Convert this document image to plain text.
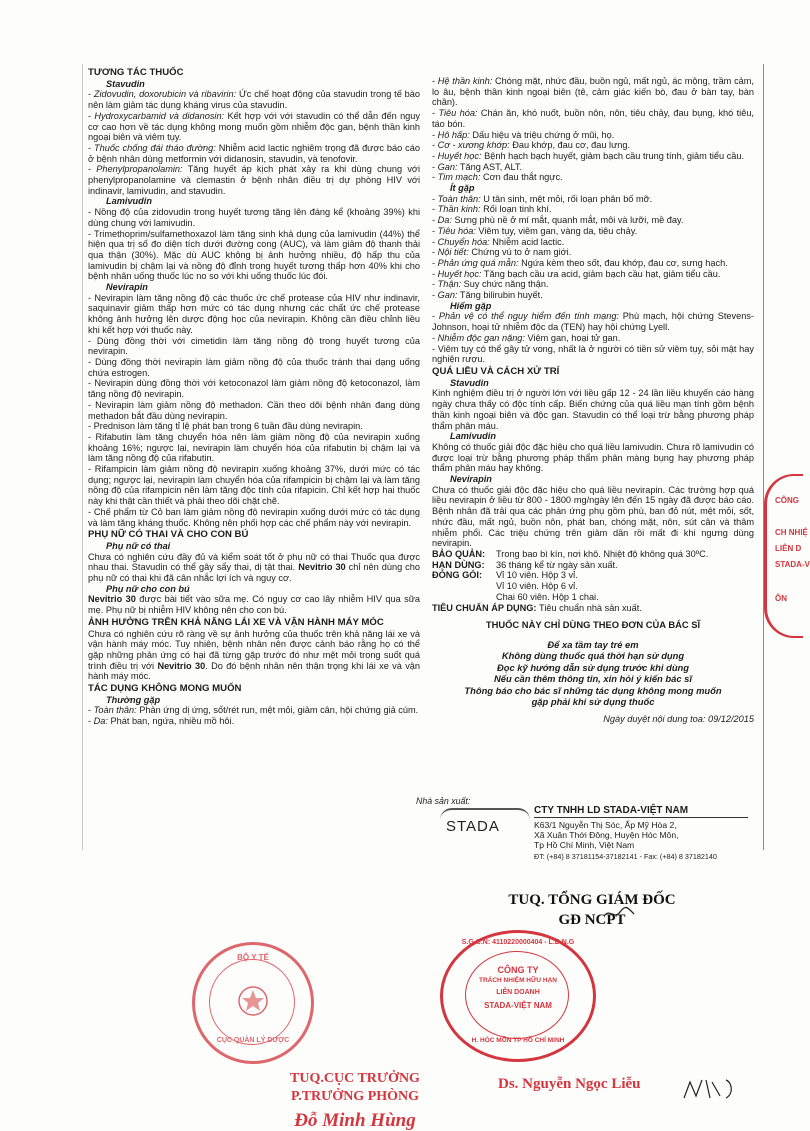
TƯƠNG TÁC THUỐC
Stavudin

- Zidovudin, doxorubicin và ribavirin: Ức chế hoạt động của stavudin trong tế bào nên làm giảm tác dụng kháng virus của stavudin.

- Hydroxycarbamid và didanosin: Kết hợp với với stavudin có thể dẫn đến nguy cơ cao hơn về tác dụng không mong muốn gồm nhiễm độc gan, bệnh thần kinh ngoại biên và viêm tụy.

- Thuốc chống đái tháo đường: Nhiễm acid lactic nghiêm trọng đã được báo cáo ở bệnh nhân dùng metformin với didanosin, stavudin, và tenofovir.

- Phenylpropanolamin: Tăng huyết áp kịch phát xảy ra khi dùng chung với phenylpropanolamine và clemastin ở bệnh nhân điều trị dự phòng HIV với indinavir, lamivudin, and stavudin.

Lamivudin

- Nồng độ của zidovudin trong huyết tương tăng lên đáng kể (khoảng 39%) khi dùng chung với lamivudin.

- Trimethoprim/sulfamethoxazol làm tăng sinh khả dụng của lamivudin (44%) thể hiện qua trị số đo diện tích dưới đường cong (AUC), và làm giảm độ thanh thải qua thận (30%). Mặc dù AUC không bị ảnh hưởng nhiều, độ hấp thu của lamivudin bị chậm lại và nồng độ đỉnh trong huyết tương thấp hơn 40% khi cho bệnh nhân uống thuốc lúc no so với khi uống thuốc lúc đói.

Nevirapin

- Nevirapin làm tăng nồng độ các thuốc ức chế protease của HIV như indinavir, saquinavir giảm thấp hơn mức có tác dụng nhưng các chất ức chế protease không ảnh hưởng lên dược động học của nevirapin. Không cần điều chỉnh liều khi kết hợp với thuốc này.

- Dùng đồng thời với cimetidin làm tăng nồng độ trong huyết tương của nevirapin.

- Dùng đồng thời nevirapin làm giảm nồng độ của thuốc tránh thai dạng uống chứa estrogen.

- Nevirapin dùng đồng thời với ketoconazol làm giảm nồng độ ketoconazol, làm tăng nồng độ nevirapin.

- Nevirapin làm giảm nồng độ methadon. Cần theo dõi bệnh nhân đang dùng methadon bắt đầu dùng nevirapin.

- Prednison làm tăng tỉ lệ phát ban trong 6 tuần đầu dùng nevirapin.

- Rifabutin làm tăng chuyển hóa nên làm giảm nồng độ của nevirapin xuống khoảng 16%; ngược lại, nevirapin làm chuyển hóa của rifabutin bị chậm lại và làm tăng nồng độ của rifabutin.

- Rifampicin làm giảm nồng độ nevirapin xuống khoảng 37%, dưới mức có tác dụng; ngược lại, nevirapin làm chuyển hóa của rifampicin bị chậm lại và làm tăng nồng độ của rifampicin nên làm tăng độc tính của rifapicin. Chỉ kết hợp hai thuốc này khi thật cần thiết và phải theo dõi chặt chẽ.

- Chế phẩm từ Cỏ ban làm giảm nồng độ nevirapin xuống dưới mức có tác dụng và làm tăng kháng thuốc. Không nên phối hợp các chế phẩm này với nevirapin.

PHỤ NỮ CÓ THAI VÀ CHO CON BÚ
Phụ nữ có thai

Chưa có nghiên cứu đầy đủ và kiểm soát tốt ở phụ nữ có thai Thuốc qua được nhau thai. Stavudin có thể gây sẩy thai, dị tật thai. Nevitrio 30 chỉ nên dùng cho phụ nữ có thai khi đã cân nhắc lợi ích và nguy cơ.

Phụ nữ cho con bú

Nevitrio 30 được bài tiết vào sữa mẹ. Có nguy cơ cao lây nhiễm HIV qua sữa mẹ. Phụ nữ bị nhiễm HIV không nên cho con bú.

ẢNH HƯỞNG TRÊN KHẢ NĂNG LÁI XE VÀ VẬN HÀNH MÁY MÓC

Chưa có nghiên cứu rõ ràng về sự ảnh hưởng của thuốc trên khả năng lái xe và vận hành máy móc. Tuy nhiên, bệnh nhân nên được cảnh báo rằng họ có thể gặp những phản ứng có hại đã từng gặp trước đó như mệt mỏi trong suốt quá trình điều trị với Nevitrio 30. Do đó bệnh nhân nên thận trọng khi lái xe và vận hành máy móc.

TÁC DỤNG KHÔNG MONG MUỐN
Thường gặp

- Toàn thân: Phản ứng dị ứng, sốt/rét run, mệt mỏi, giảm cân, hội chứng giả cúm.

- Da: Phát ban, ngứa, nhiều mồ hôi.

- Hệ thần kinh: Chóng mặt, nhức đầu, buồn ngủ, mất ngủ, ác mộng, trầm cảm, lo âu, bệnh thần kinh ngoại biên (tê, cảm giác kiến bò, đau ở bàn tay, bàn chân).

- Tiêu hóa: Chán ăn, khó nuốt, buồn nôn, nôn, tiêu chảy, đau bụng, khó tiêu, táo bón.

- Hô hấp: Dấu hiệu và triệu chứng ở mũi, họ.

- Cơ - xương khớp: Đau khớp, đau cơ, đau lưng.

- Huyết học: Bệnh hạch bạch huyết, giảm bạch cầu trung tính, giảm tiểu cầu.

- Gan: Tăng AST, ALT.

- Tim mạch: Cơn đau thắt ngực.

Ít gặp

- Toàn thân: U tân sinh, mệt mỏi, rối loạn phân bố mỡ.

- Thần kinh: Rối loạn tinh khí.

- Da: Sưng phù nề ở mí mắt, quanh mắt, môi và lưỡi, mề đay.

- Tiêu hóa: Viêm tụy, viêm gan, vàng da, tiêu chảy.

- Chuyển hóa: Nhiễm acid lactic.

- Nội tiết: Chứng vú to ở nam giới.

- Phản ứng quá mẫn: Ngứa kèm theo sốt, đau khớp, đau cơ, sưng hạch.

- Huyết học: Tăng bạch cầu ưa acid, giảm bạch cầu hạt, giảm tiểu cầu.

- Thận: Suy chức năng thận.

- Gan: Tăng bilirubin huyết.

Hiếm gặp

- Phản vệ có thể nguy hiểm đến tính mạng: Phù mạch, hội chứng Stevens-Johnson, hoại tử nhiễm độc da (TEN) hay hội chứng Lyell.

- Nhiễm độc gan nặng: Viêm gan, hoại tử gan.

- Viêm tụy có thể gây tử vong, nhất là ở người có tiền sử viêm tụy, sỏi mật hay nghiện rượu.

QUÁ LIỀU VÀ CÁCH XỬ TRÍ
Stavudin

Kinh nghiệm điều trị ở người lớn với liều gấp 12 - 24 lần liều khuyến cáo hàng ngày chưa thấy có độc tính cấp. Biến chứng của quá liều mạn tính gồm bệnh thần kinh ngoại biên và độc gan. Stavudin có thể loại trừ bằng phương pháp thẩm phân máu.

Lamivudin

Không có thuốc giải độc đặc hiệu cho quá liều lamivudin. Chưa rõ lamivudin có được loại trừ bằng phương pháp thẩm phân màng bụng hay phương pháp thẩm phân máu hay không.

Nevirapin

Chưa có thuốc giải độc đặc hiệu cho quá liều nevirapin. Các trường hợp quá liều nevirapin ở liều từ 800 - 1800 mg/ngày lên đến 15 ngày đã được báo cáo. Bệnh nhân đã trải qua các phản ứng phụ gồm phù, ban đỏ nút, mệt mỏi, sốt, nhức đầu, mất ngủ, buồn nôn, phát ban, chóng mặt, nôn, sút cân và thâm nhiễm phổi. Các triệu chứng trên giảm dần rồi mất đi khi ngưng dùng nevirapin.

BẢO QUẢN:	Trong bao bì kín, nơi khô. Nhiệt độ không quá 30ºC.
HẠN DÙNG:	36 tháng kể từ ngày sản xuất.
ĐÓNG GÓI:	Vỉ 10 viên. Hộp 3 vỉ.
Vỉ 10 viên. Hộp 6 vỉ.
Chai 60 viên. Hộp 1 chai.
TIÊU CHUẨN ÁP DỤNG: Tiêu chuẩn nhà sản xuất.
THUỐC NÀY CHỈ DÙNG THEO ĐƠN CỦA BÁC SĨ
Để xa tầm tay trẻ em
Không dùng thuốc quá thời hạn sử dụng
Đọc kỹ hướng dẫn sử dụng trước khi dùng
Nếu cần thêm thông tin, xin hỏi ý kiến bác sĩ
Thông báo cho bác sĩ những tác dụng không mong muốn
gặp phải khi sử dụng thuốc
Ngày duyệt nội dung toa: 09/12/2015
Nhà sản xuất:
STADA
CTY TNHH LD STADA-VIỆT NAM
K63/1 Nguyễn Thị Sóc, Ấp Mỹ Hòa 2,
Xã Xuân Thới Đông, Huyện Hóc Môn,
Tp Hồ Chí Minh, Việt Nam
ĐT: (+84) 8 37181154-37182141 - Fax: (+84) 8 37182140
TUQ. TỔNG GIÁM ĐỐC
GĐ NCPT
BỘ Y TẾ
CỤC QUẢN LÝ DƯỢC
S.G.C.N: 4110220000404 - L.D.N.G
CÔNG TY
TRÁCH NHIỆM HỮU HẠN
LIÊN DOANH
STADA-VIỆT NAM
H. HÓC MÔN TP HỒ CHÍ MINH
TUQ.CỤC TRƯỞNG
P.TRƯỞNG PHÒNG
Đỗ Minh Hùng
Ds. Nguyễn Ngọc Liễu
CÔNG
CH NHIỆ
LIÊN D
STADA-V
ÔN
